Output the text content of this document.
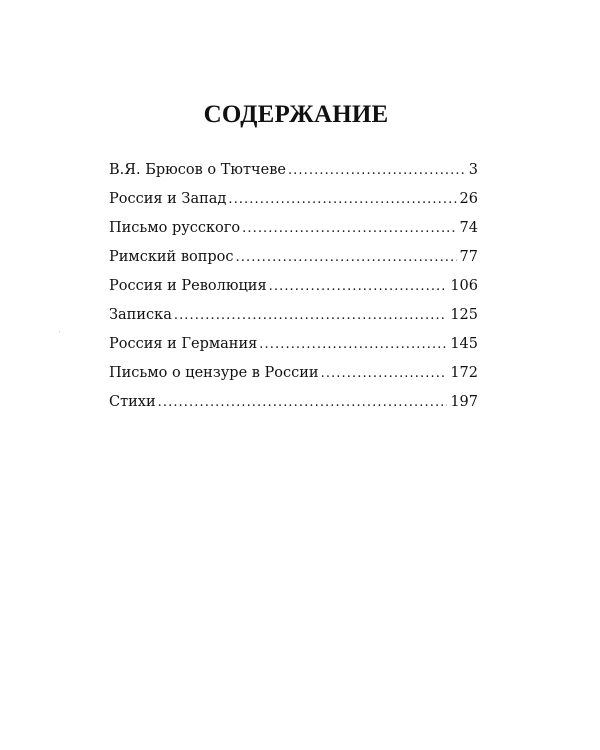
СОДЕРЖАНИЕ
В.Я. Брюсов о Тютчеве .....	3
Россия и Запад .....	26
Письмо русского .....	74
Римский вопрос .....	77
Россия и Революция .....	106
Записка .....	125
Россия и Германия .....	145
Письмо о цензуре в России .....	172
Стихи .....	197
